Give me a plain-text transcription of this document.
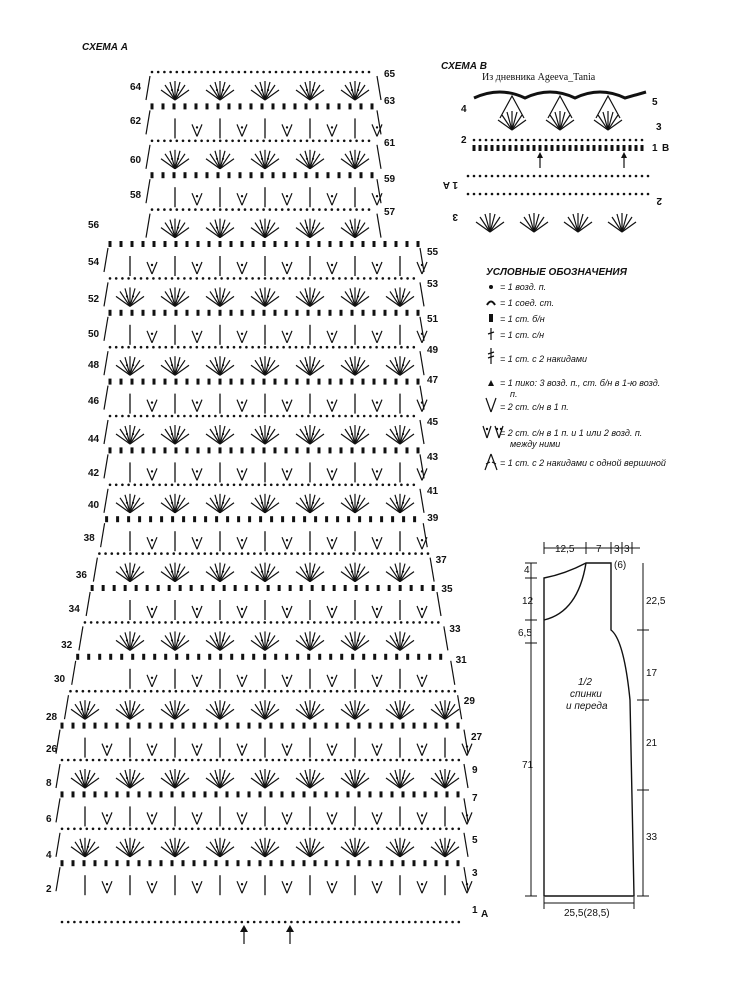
СХЕМА А
64
62
60
58
56
54
52
50
48
46
44
42
40
38
36
34
32
30
28
26
8
6
4
2
65
63
61
59
57
55
53
51
49
47
45
43
41
39
37
35
33
31
29
27
9
7
5
3
1 А
СХЕМА В
Из дневника Ageeva_Tania
5
3
1
4
2
В
А 1
2
3
УСЛОВНЫЕ ОБОЗНАЧЕНИЯ
= 1 возд. п.
= 1 соед. ст.
= 1 ст. б/н
= 1 ст. с/н
= 1 ст. с 2 накидами
= 1 пико: 3 возд. п., ст. б/н в 1-ю возд.
п.
= 2 ст. с/н в 1 п.
= 2 ст. с/н в 1 п. и 1 или 2 возд. п.
между ними
= 1 ст. с 2 накидами с одной вершиной
12,5 7 3 3
(6)
4
12
6,5
71
22,5
17
21
33
1/2
спинки
и переда
25,5(28,5)
